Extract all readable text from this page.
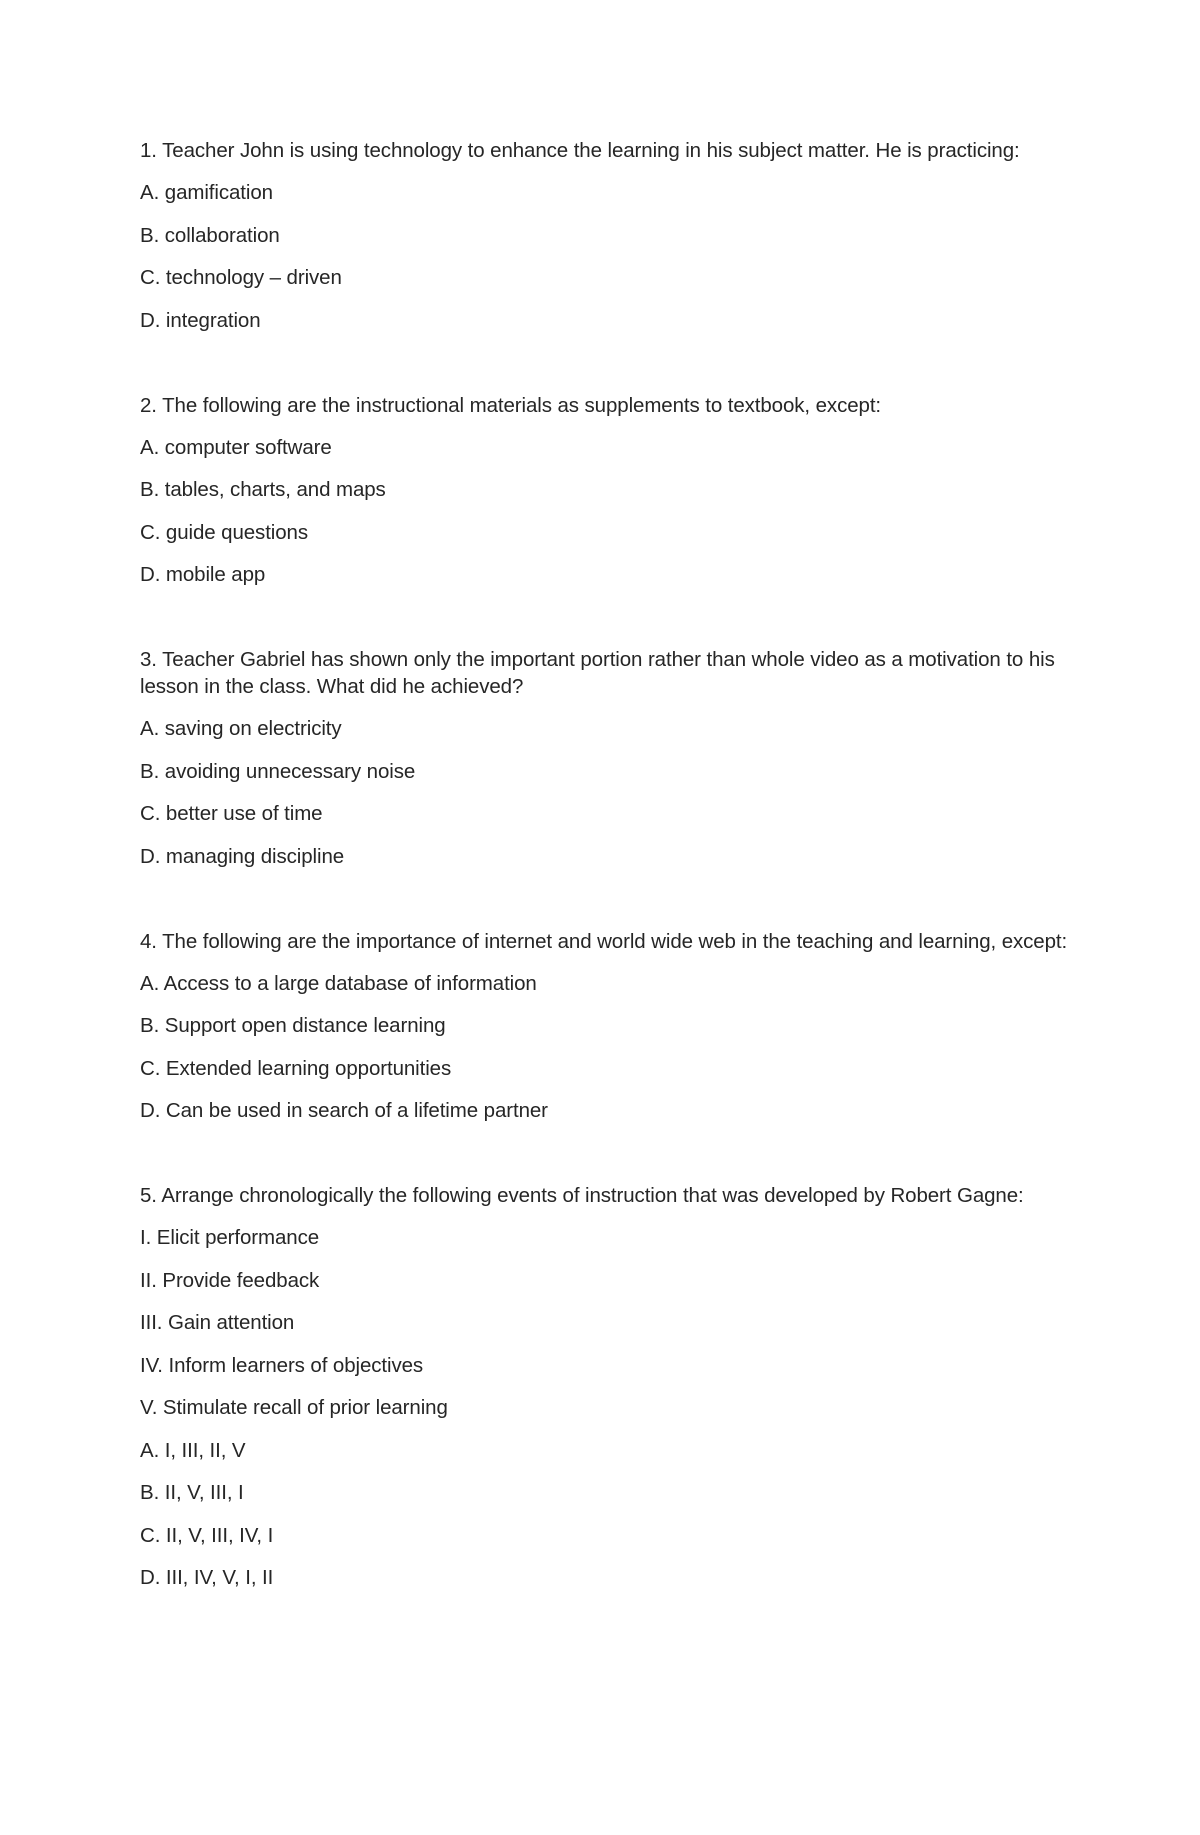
1. Teacher John is using technology to enhance the learning in his subject matter. He is practicing:

A. gamification

B. collaboration

C. technology – driven

D. integration

2. The following are the instructional materials as supplements to textbook, except:

A. computer software

B. tables, charts, and maps

C. guide questions

D. mobile app

3. Teacher Gabriel has shown only the important portion rather than whole video as a motivation to his lesson in the class. What did he achieved?

A. saving on electricity

B. avoiding unnecessary noise

C. better use of time

D. managing discipline

4. The following are the importance of internet and world wide web in the teaching and learning, except:

A. Access to a large database of information

B. Support open distance learning

C. Extended learning opportunities

D. Can be used in search of a lifetime partner

5. Arrange chronologically the following events of instruction that was developed by Robert Gagne:

I. Elicit performance

II. Provide feedback

III. Gain attention

IV. Inform learners of objectives

V. Stimulate recall of prior learning

A. I, III, II, V

B. II, V, III, I

C. II, V, III, IV, I

D. III, IV, V, I, II
